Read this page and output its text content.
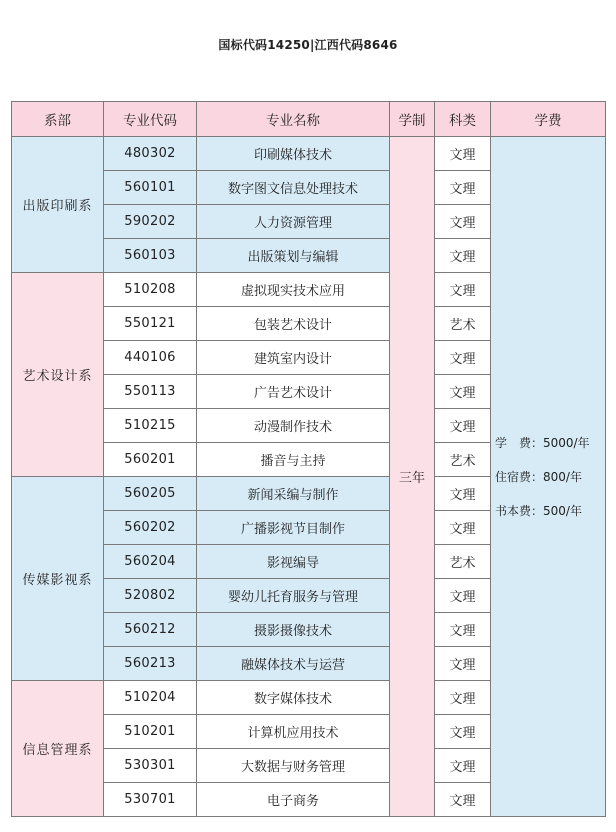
国标代码14250|江西代码8646
系部	专业代码	专业名称	学制	科类	学费
出版印刷系	480302	印刷媒体技术	三年	文理	学　费：5000/年
住宿费：800/年
书本费：500/年

	560101	数字图文信息处理技术		文理	
	590202	人力资源管理		文理	
	560103	出版策划与编辑		文理	
艺术设计系	510208	虚拟现实技术应用		文理	
	550121	包装艺术设计		艺术	
	440106	建筑室内设计		文理	
	550113	广告艺术设计		文理	
	510215	动漫制作技术		文理	
	560201	播音与主持		艺术	
传媒影视系	560205	新闻采编与制作		文理	
	560202	广播影视节目制作		文理	
	560204	影视编导		艺术	
	520802	婴幼儿托育服务与管理		文理	
	560212	摄影摄像技术		文理	
	560213	融媒体技术与运营		文理	
信息管理系	510204	数字媒体技术		文理	
	510201	计算机应用技术		文理	
	530301	大数据与财务管理		文理	
	530701	电子商务		文理	
